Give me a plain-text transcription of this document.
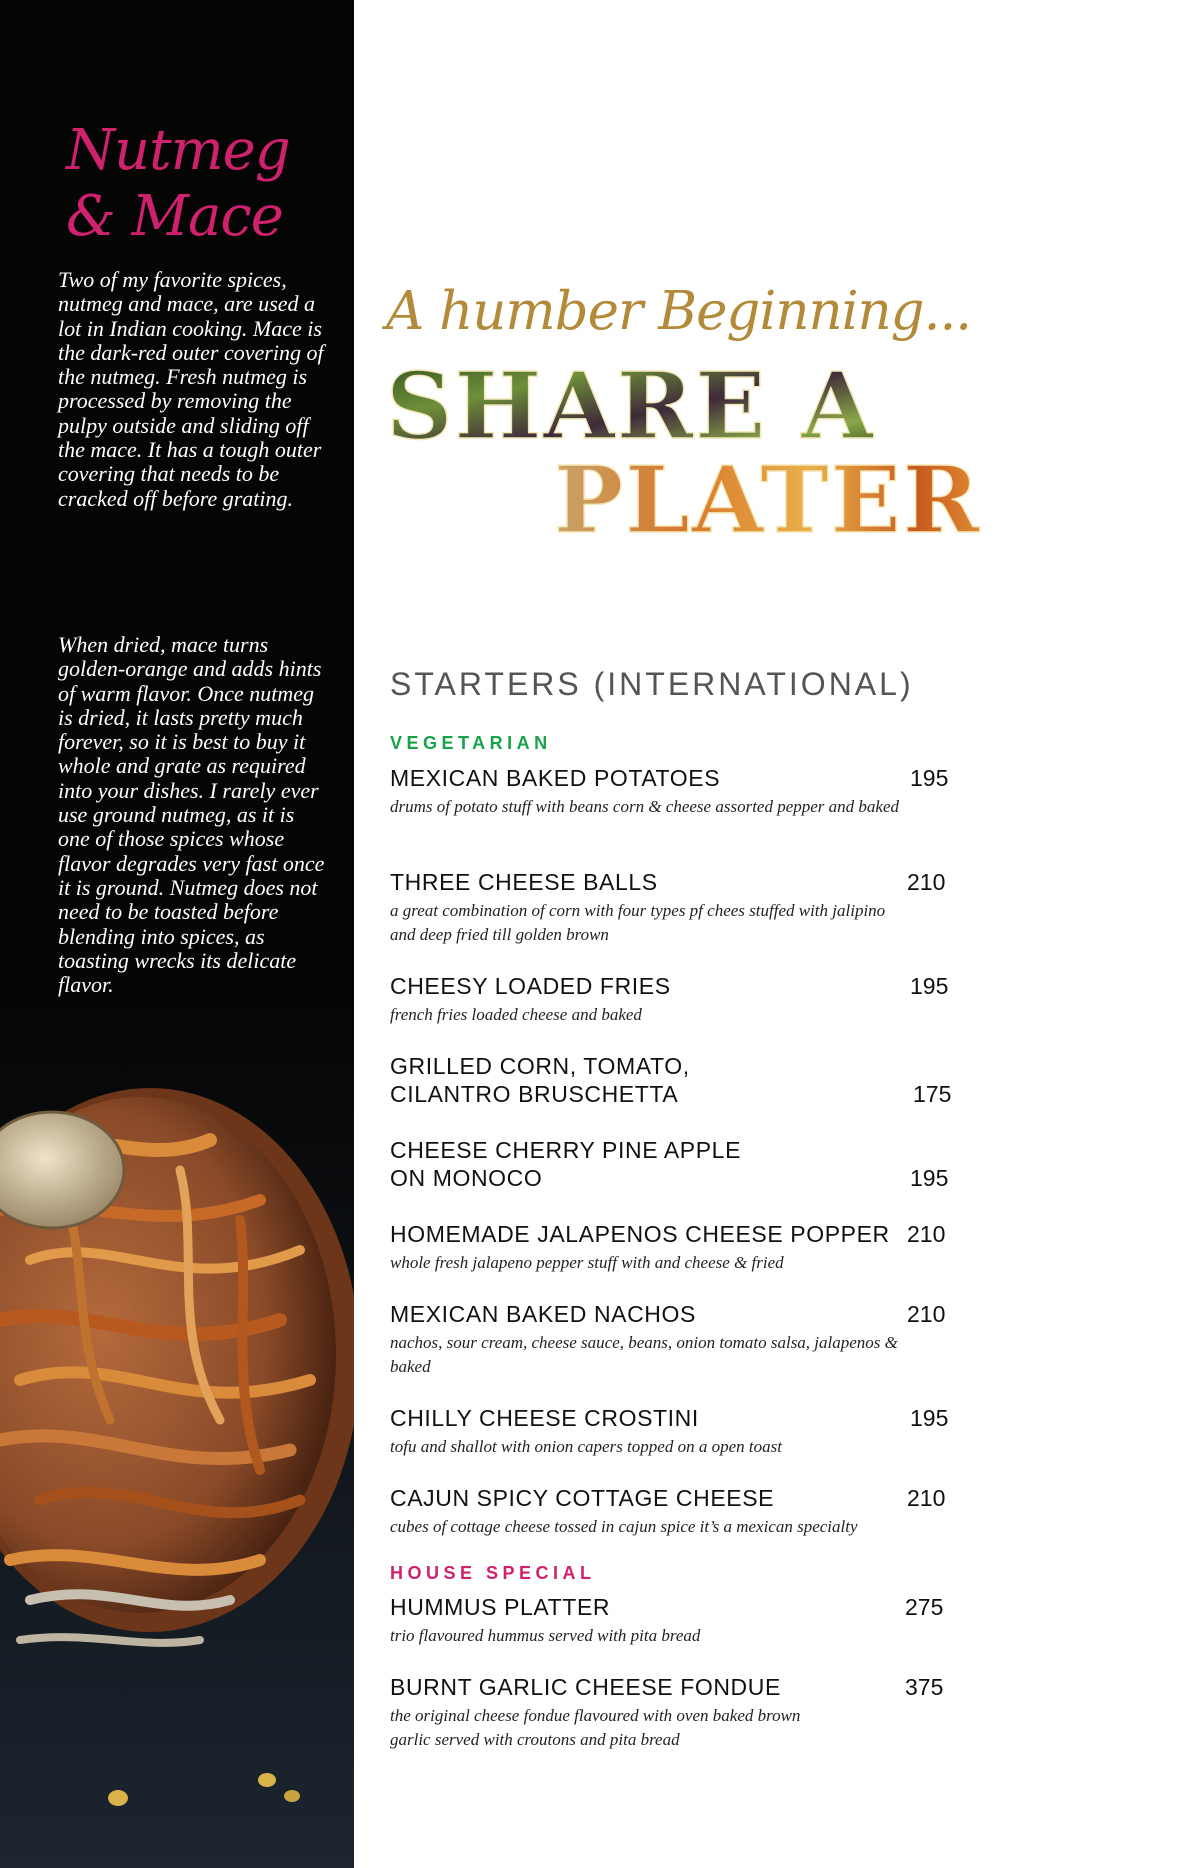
Nutmeg & Mace

Two of my favorite spices, nutmeg and mace, are used a lot in Indian cooking. Mace is the dark-red outer covering of the nutmeg. Fresh nutmeg is processed by removing the pulpy outside and sliding off the mace. It has a tough outer covering that needs to be cracked off before grating.

When dried, mace turns golden-orange and adds hints of warm flavor. Once nutmeg is dried, it lasts pretty much forever, so it is best to buy it whole and grate as required into your dishes. I rarely ever use ground nutmeg, as it is one of those spices whose flavor degrades very fast once it is ground. Nutmeg does not need to be toasted before blending into spices, as toasting wrecks its delicate flavor.

A humber Beginning...
SHARE A
PLATER
STARTERS (INTERNATIONAL)
VEGETARIAN
MEXICAN BAKED POTATOES
drums of potato stuff with beans corn & cheese assorted pepper and baked
195
THREE CHEESE BALLS
a great combination of corn with four types pf chees stuffed with jalipino and deep fried till golden brown
210
CHEESY LOADED FRIES
french fries loaded cheese and baked
195
GRILLED CORN, TOMATO, CILANTRO BRUSCHETTA	175
CHEESE CHERRY PINE APPLE ON MONOCO	195
HOMEMADE JALAPENOS CHEESE POPPER
whole fresh jalapeno pepper stuff with and cheese & fried
210
MEXICAN BAKED NACHOS
nachos, sour cream, cheese sauce, beans, onion tomato salsa, jalapenos & baked
210
CHILLY CHEESE CROSTINI
tofu and shallot with onion capers topped on a open toast
195
CAJUN SPICY COTTAGE CHEESE
cubes of cottage cheese tossed in cajun spice it’s a mexican specialty
210
HOUSE SPECIAL
HUMMUS PLATTER
trio flavoured hummus served with pita bread
275
BURNT GARLIC CHEESE FONDUE
the original cheese fondue flavoured with oven baked brown garlic served with croutons and pita bread
375
